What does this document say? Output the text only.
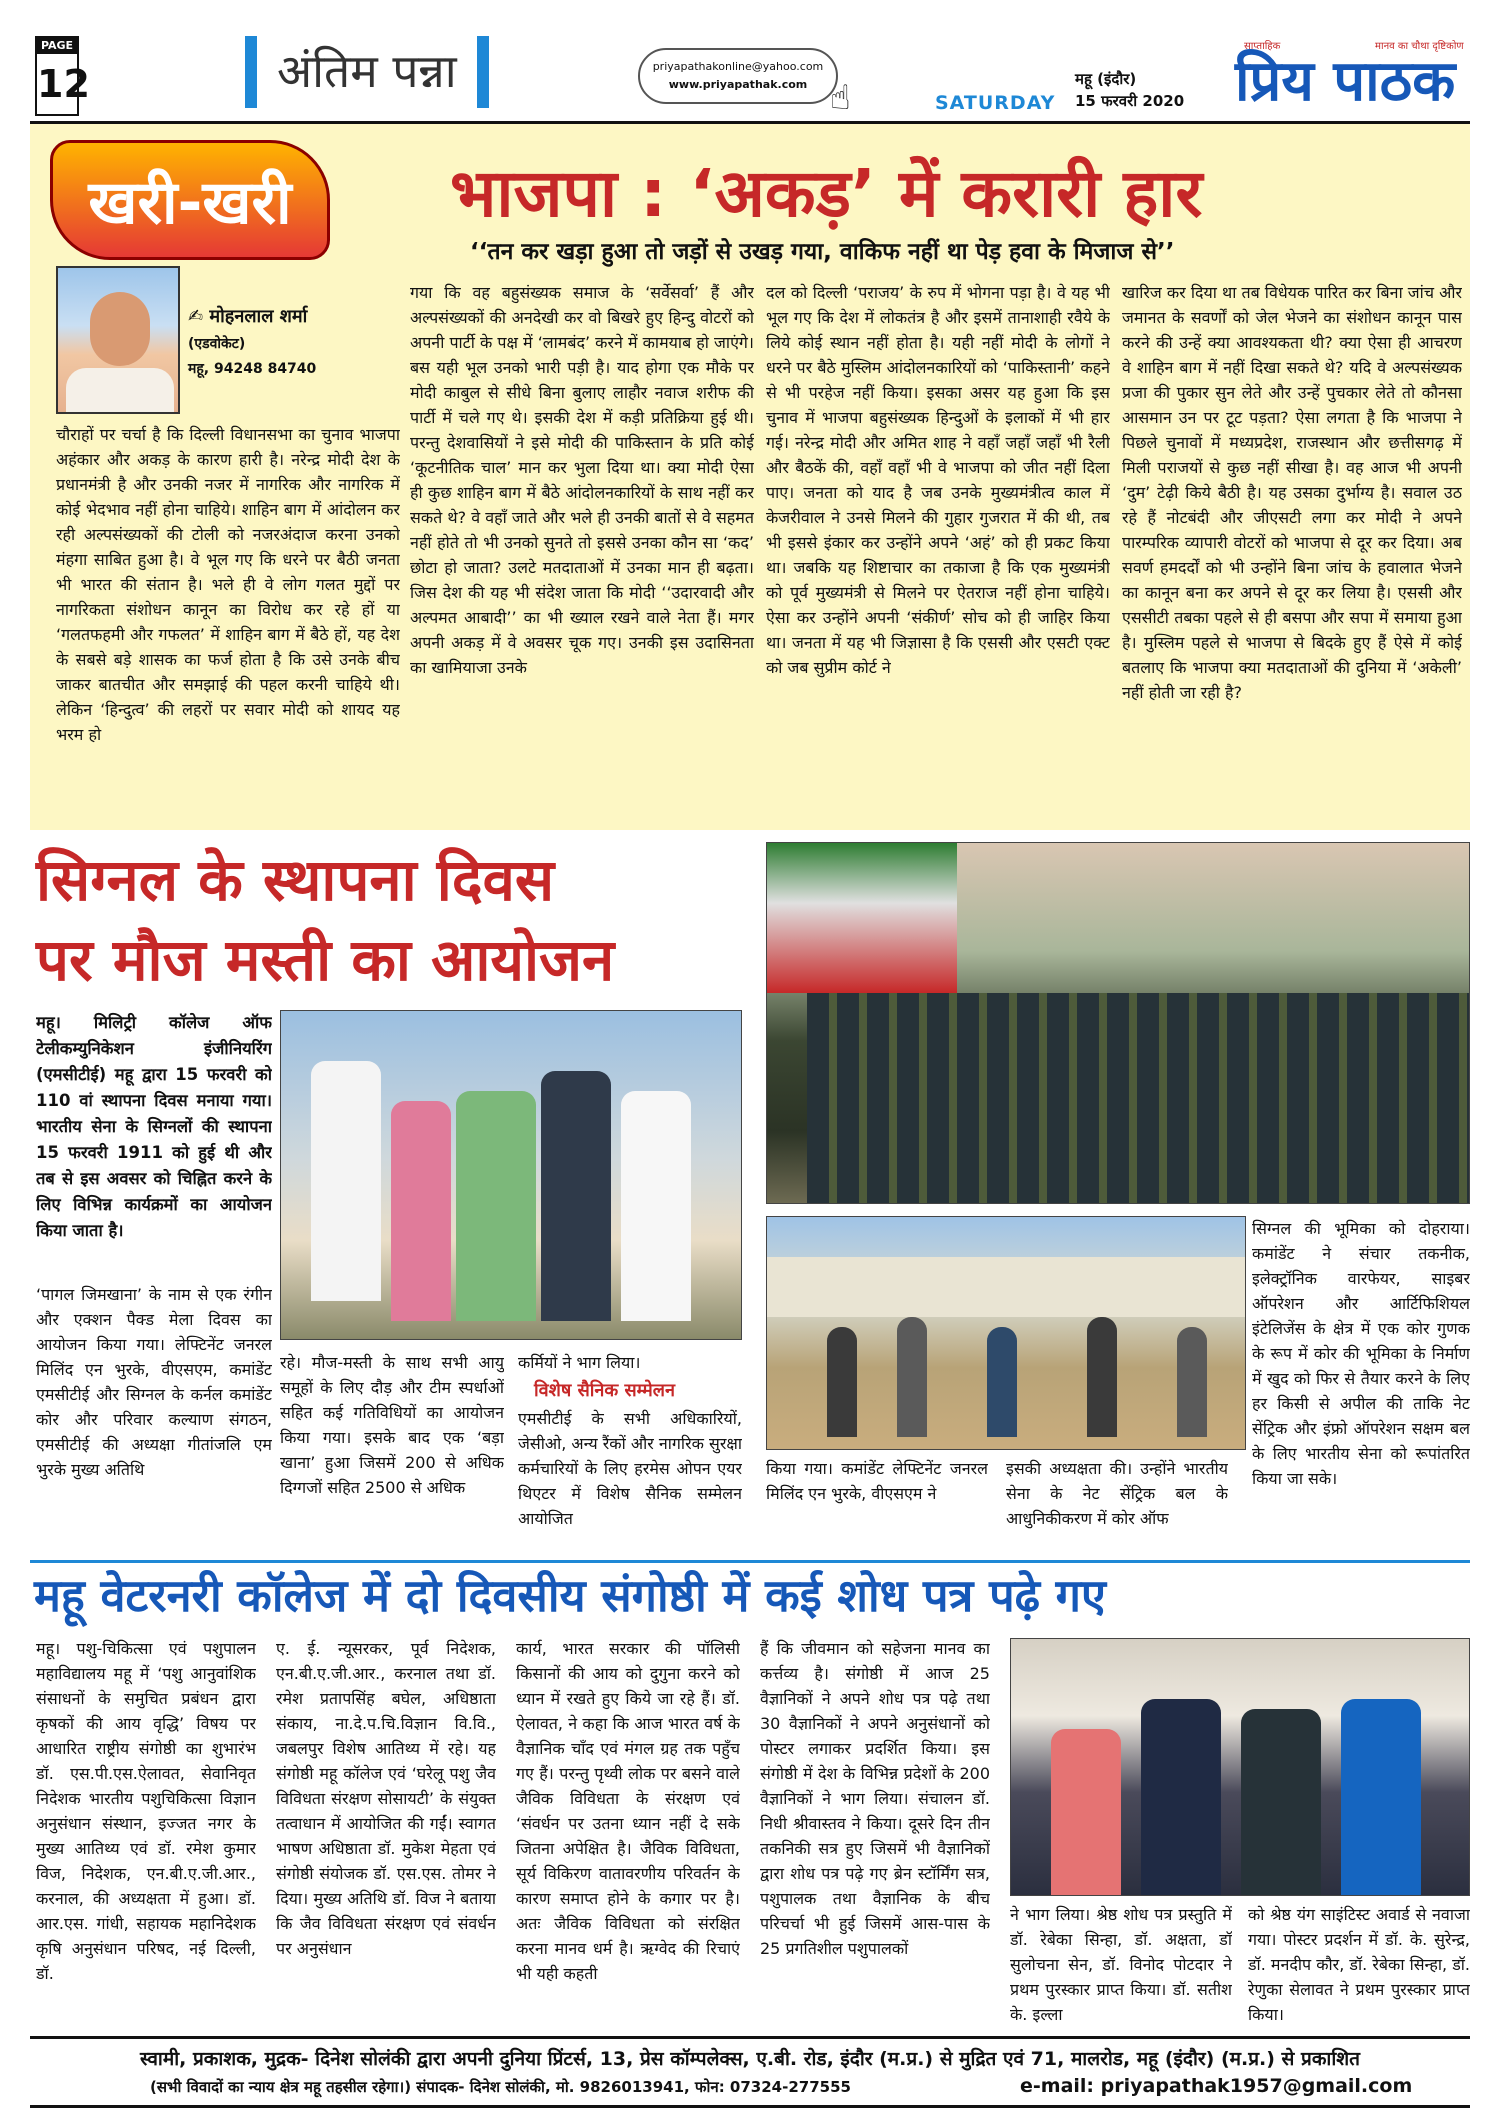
PAGE
12	अंतिम पन्ना	priyapathakonline@yahoo.com
www.priyapathak.com ☝	SATURDAY
महू (इंदौर)
15 फरवरी 2020
साप्ताहिक	मानव का चौथा दृष्टिकोण
प्रिय पाठक
खरी-खरी	भाजपा : ‘अकड़’ में करारी हार
‘‘तन कर खड़ा हुआ तो जड़ों से उखड़ गया, वाकिफ नहीं था पेड़ हवा के मिजाज से’’
✍ मोहनलाल शर्मा
(एडवोकेट)
महू, 94248 84740
चौराहों पर चर्चा है कि दिल्ली विधानसभा का चुनाव भाजपा अहंकार और अकड़ के कारण हारी है। नरेन्द्र मोदी देश के प्रधानमंत्री है और उनकी नजर में नागरिक और नागरिक में कोई भेदभाव नहीं होना चाहिये। शाहिन बाग में आंदोलन कर रही अल्पसंख्यकों की टोली को नजरअंदाज करना उनको मंहगा साबित हुआ है। वे भूल गए कि धरने पर बैठी जनता भी भारत की संतान है। भले ही वे लोग गलत मुद्दों पर नागरिकता संशोधन कानून का विरोध कर रहे हों या ‘गलतफहमी और गफलत’ में शाहिन बाग में बैठे हों, यह देश के सबसे बड़े शासक का फर्ज होता है कि उसे उनके बीच जाकर बातचीत और समझाई की पहल करनी चाहिये थी। लेकिन ‘हिन्दुत्व’ की लहरों पर सवार मोदी को शायद यह भरम हो
गया कि वह बहुसंख्यक समाज के ‘सर्वेसर्वा’ हैं और अल्पसंख्यकों की अनदेखी कर वो बिखरे हुए हिन्दु वोटरों को अपनी पार्टी के पक्ष में ‘लामबंद’ करने में कामयाब हो जाएंगे। बस यही भूल उनको भारी पड़ी है। याद होगा एक मौके पर मोदी काबुल से सीधे बिना बुलाए लाहौर नवाज शरीफ की पार्टी में चले गए थे। इसकी देश में कड़ी प्रतिक्रिया हुई थी। परन्तु देशवासियों ने इसे मोदी की पाकिस्तान के प्रति कोई ‘कूटनीतिक चाल’ मान कर भुला दिया था। क्या मोदी ऐसा ही कुछ शाहिन बाग में बैठे आंदोलनकारियों के साथ नहीं कर सकते थे? वे वहाँ जाते और भले ही उनकी बातों से वे सहमत नहीं होते तो भी उनको सुनते तो इससे उनका कौन सा ‘कद’ छोटा हो जाता? उलटे मतदाताओं में उनका मान ही बढ़ता। जिस देश की यह भी संदेश जाता कि मोदी ‘‘उदारवादी और अल्पमत आबादी’’ का भी ख्याल रखने वाले नेता हैं। मगर अपनी अकड़ में वे अवसर चूक गए। उनकी इस उदासिनता का खामियाजा उनके
दल को दिल्ली ‘पराजय’ के रुप में भोगना पड़ा है। वे यह भी भूल गए कि देश में लोकतंत्र है और इसमें तानाशाही रवैये के लिये कोई स्थान नहीं होता है। यही नहीं मोदी के लोगों ने धरने पर बैठे मुस्लिम आंदोलनकारियों को ‘पाकिस्तानी’ कहने से भी परहेज नहीं किया। इसका असर यह हुआ कि इस चुनाव में भाजपा बहुसंख्यक हिन्दुओं के इलाकों में भी हार गई। नरेन्द्र मोदी और अमित शाह ने वहाँ जहाँ जहाँ भी रैली और बैठकें की, वहाँ वहाँ भी वे भाजपा को जीत नहीं दिला पाए। जनता को याद है जब उनके मुख्यमंत्रीत्व काल में केजरीवाल ने उनसे मिलने की गुहार गुजरात में की थी, तब भी इससे इंकार कर उन्होंने अपने ‘अहं’ को ही प्रकट किया था। जबकि यह शिष्टाचार का तकाजा है कि एक मुख्यमंत्री को पूर्व मुख्यमंत्री से मिलने पर ऐतराज नहीं होना चाहिये। ऐसा कर उन्होंने अपनी ‘संकीर्ण’ सोच को ही जाहिर किया था। जनता में यह भी जिज्ञासा है कि एससी और एसटी एक्ट को जब सुप्रीम कोर्ट ने
खारिज कर दिया था तब विधेयक पारित कर बिना जांच और जमानत के सवर्णों को जेल भेजने का संशोधन कानून पास करने की उन्हें क्या आवश्यकता थी? क्या ऐसा ही आचरण वे शाहिन बाग में नहीं दिखा सकते थे? यदि वे अल्पसंख्यक प्रजा की पुकार सुन लेते और उन्हें पुचकार लेते तो कौनसा आसमान उन पर टूट पड़ता? ऐसा लगता है कि भाजपा ने पिछले चुनावों में मध्यप्रदेश, राजस्थान और छत्तीसगढ़ में मिली पराजयों से कुछ नहीं सीखा है। वह आज भी अपनी ‘दुम’ टेढ़ी किये बैठी है। यह उसका दुर्भाग्य है। सवाल उठ रहे हैं नोटबंदी और जीएसटी लगा कर मोदी ने अपने पारम्परिक व्यापारी वोटरों को भाजपा से दूर कर दिया। अब सवर्ण हमदर्दों को भी उन्होंने बिना जांच के हवालात भेजने का कानून बना कर अपने से दूर कर लिया है। एससी और एससीटी तबका पहले से ही बसपा और सपा में समाया हुआ है। मुस्लिम पहले से भाजपा से बिदके हुए हैं ऐसे में कोई बतलाए कि भाजपा क्या मतदाताओं की दुनिया में ‘अकेली’ नहीं होती जा रही है?
सिग्नल के स्थापना दिवस
पर मौज मस्ती का आयोजन
महू। मिलिट्री कॉलेज ऑफ टेलीकम्युनिकेशन इंजीनियरिंग (एमसीटीई) महू द्वारा 15 फरवरी को 110 वां स्थापना दिवस मनाया गया। भारतीय सेना के सिग्नलों की स्थापना 15 फरवरी 1911 को हुई थी और तब से इस अवसर को चिह्नित करने के लिए विभिन्न कार्यक्रमों का आयोजन किया जाता है।
‘पागल जिमखाना’ के नाम से एक रंगीन और एक्शन पैक्ड मेला दिवस का आयोजन किया गया। लेफ्टिनेंट जनरल मिलिंद एन भुरके, वीएसएम, कमांडेंट एमसीटीई और सिग्नल के कर्नल कमांडेंट कोर और परिवार कल्याण संगठन, एमसीटीई की अध्यक्षा गीतांजलि एम भुरके मुख्य अतिथि
रहे। मौज-मस्ती के साथ सभी आयु समूहों के लिए दौड़ और टीम स्पर्धाओं सहित कई गतिविधियों का आयोजन किया गया। इसके बाद एक ‘बड़ा खाना’ हुआ जिसमें 200 से अधिक दिग्गजों सहित 2500 से अधिक
कर्मियों ने भाग लिया।
विशेष सैनिक सम्मेलन
एमसीटीई के सभी अधिकारियों, जेसीओ, अन्य रैंकों और नागरिक सुरक्षा कर्मचारियों के लिए हरमेस ओपन एयर थिएटर में विशेष सैनिक सम्मेलन आयोजित
किया गया। कमांडेंट लेफ्टिनेंट जनरल मिलिंद एन भुरके, वीएसएम ने
इसकी अध्यक्षता की। उन्होंने भारतीय सेना के नेट सेंट्रिक बल के आधुनिकीकरण में कोर ऑफ
सिग्नल की भूमिका को दोहराया। कमांडेंट ने संचार तकनीक, इलेक्ट्रॉनिक वारफेयर, साइबर ऑपरेशन और आर्टिफिशियल इंटेलिजेंस के क्षेत्र में एक कोर गुणक के रूप में कोर की भूमिका के निर्माण में खुद को फिर से तैयार करने के लिए हर किसी से अपील की ताकि नेट सेंट्रिक और इंफ्रो ऑपरेशन सक्षम बल के लिए भारतीय सेना को रूपांतरित किया जा सके।
महू वेटरनरी कॉलेज में दो दिवसीय संगोष्ठी में कई शोध पत्र पढ़े गए
महू। पशु-चिकित्सा एवं पशुपालन महाविद्यालय महू में ‘पशु आनुवांशिक संसाधनों के समुचित प्रबंधन द्वारा कृषकों की आय वृद्धि’ विषय पर आधारित राष्ट्रीय संगोष्ठी का शुभारंभ डॉ. एस.पी.एस.ऐलावत, सेवानिवृत निदेशक भारतीय पशुचिकित्सा विज्ञान अनुसंधान संस्थान, इज्जत नगर के मुख्य आतिथ्य एवं डॉ. रमेश कुमार विज, निदेशक, एन.बी.ए.जी.आर., करनाल, की अध्यक्षता में हुआ। डॉ. आर.एस. गांधी, सहायक महानिदेशक कृषि अनुसंधान परिषद, नई दिल्ली, डॉ.
ए. ई. न्यूसरकर, पूर्व निदेशक, एन.बी.ए.जी.आर., करनाल तथा डॉ. रमेश प्रतापसिंह बघेल, अधिष्ठाता संकाय, ना.दे.प.चि.विज्ञान वि.वि., जबलपुर विशेष आतिथ्य में रहे। यह संगोष्ठी महू कॉलेज एवं ‘घरेलू पशु जैव विविधता संरक्षण सोसायटी’ के संयुक्त तत्वाधान में आयोजित की गईं। स्वागत भाषण अधिष्ठाता डॉ. मुकेश मेहता एवं संगोष्ठी संयोजक डॉ. एस.एस. तोमर ने दिया। मुख्य अतिथि डॉ. विज ने बताया कि जैव विविधता संरक्षण एवं संवर्धन पर अनुसंधान
कार्य, भारत सरकार की पॉलिसी किसानों की आय को दुगुना करने को ध्यान में रखते हुए किये जा रहे हैं। डॉ. ऐलावत, ने कहा कि आज भारत वर्ष के वैज्ञानिक चाँद एवं मंगल ग्रह तक पहुँच गए हैं। परन्तु पृथ्वी लोक पर बसने वाले जैविक विविधता के संरक्षण एवं ‘संवर्धन पर उतना ध्यान नहीं दे सके जितना अपेक्षित है। जैविक विविधता, सूर्य विकिरण वातावरणीय परिवर्तन के कारण समाप्त होने के कगार पर है। अतः जैविक विविधता को संरक्षित करना मानव धर्म है। ऋग्वेद की रिचाएं भी यही कहती
हैं कि जीवमान को सहेजना मानव का कर्त्तव्य है। संगोष्ठी में आज 25 वैज्ञानिकों ने अपने शोध पत्र पढ़े तथा 30 वैज्ञानिकों ने अपने अनुसंधानों को पोस्टर लगाकर प्रदर्शित किया। इस संगोष्ठी में देश के विभिन्न प्रदेशों के 200 वैज्ञानिकों ने भाग लिया। संचालन डॉ. निधी श्रीवास्तव ने किया। दूसरे दिन तीन तकनिकी सत्र हुए जिसमें भी वैज्ञानिकों द्वारा शोध पत्र पढ़े गए ब्रेन स्टॉर्मिंग सत्र, पशुपालक तथा वैज्ञानिक के बीच परिचर्चा भी हुई जिसमें आस-पास के 25 प्रगतिशील पशुपालकों
ने भाग लिया। श्रेष्ठ शोध पत्र प्रस्तुति में डॉ. रेबेका सिन्हा, डॉ. अक्षता, डॉ सुलोचना सेन, डॉ. विनोद पोटदार ने प्रथम पुरस्कार प्राप्त किया। डॉ. सतीश के. इल्ला
को श्रेष्ठ यंग साइंटिस्ट अवार्ड से नवाजा गया। पोस्टर प्रदर्शन में डॉ. के. सुरेन्द्र, डॉ. मनदीप कौर, डॉ. रेबेका सिन्हा, डॉ. रेणुका सेलावत ने प्रथम पुरस्कार प्राप्त किया।
स्वामी, प्रकाशक, मुद्रक- दिनेश सोलंकी द्वारा अपनी दुनिया प्रिंटर्स, 13, प्रेस कॉम्पलेक्स, ए.बी. रोड, इंदौर (म.प्र.) से मुद्रित एवं 71, मालरोड, महू (इंदौर) (म.प्र.) से प्रकाशित
(सभी विवादों का न्याय क्षेत्र महू तहसील रहेगा।) संपादक- दिनेश सोलंकी, मो. 9826013941, फोन: 07324-277555	e-mail: priyapathak1957@gmail.com
